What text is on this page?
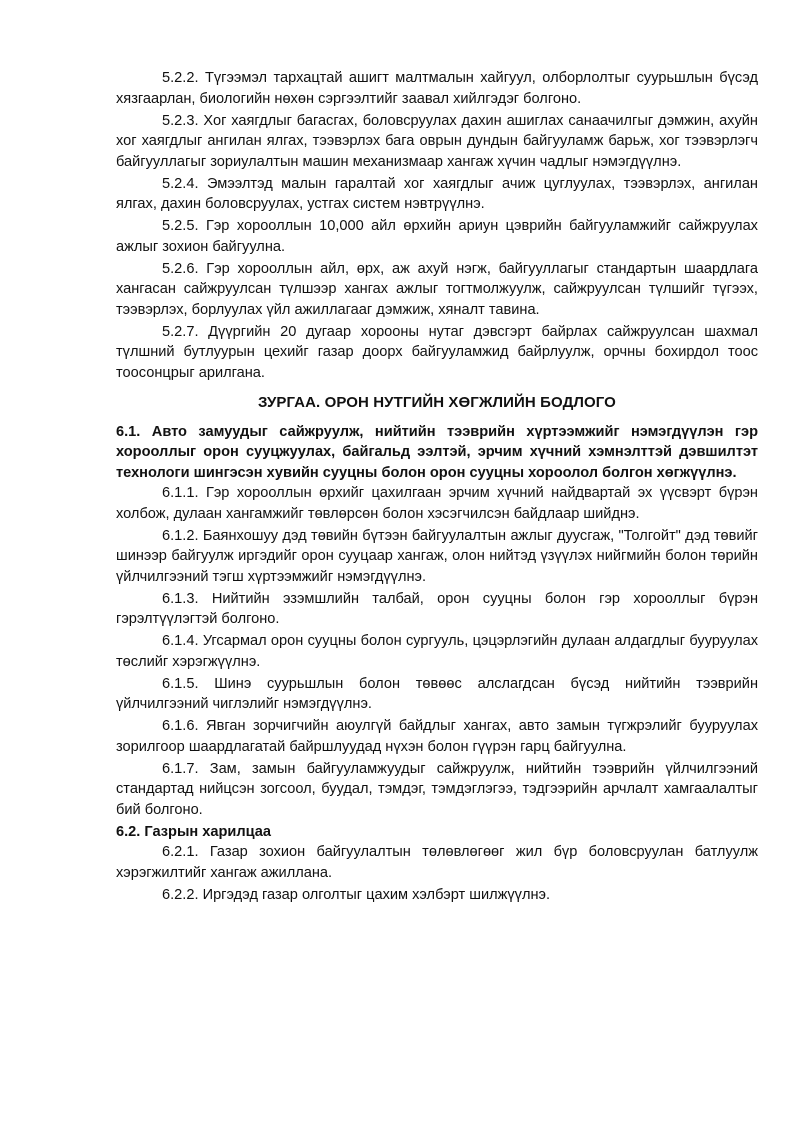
5.2.2. Түгээмэл тархацтай ашигт малтмалын хайгуул, олборлолтыг суурьшлын бүсэд хязгаарлан, биологийн нөхөн сэргээлтийг заавал хийлгэдэг болгоно.

5.2.3. Хог хаягдлыг багасгах, боловсруулах дахин ашиглах санаачилгыг дэмжин, ахуйн хог хаягдлыг ангилан ялгах, тээвэрлэх бага оврын дундын байгууламж барьж, хог тээвэрлэгч байгууллагыг зориулалтын машин механизмаар хангаж хүчин чадлыг нэмэгдүүлнэ.

5.2.4. Эмээлтэд малын гаралтай хог хаягдлыг ачиж цуглуулах, тээвэрлэх, ангилан ялгах, дахин боловсруулах, устгах систем нэвтрүүлнэ.

5.2.5. Гэр хорооллын 10,000 айл өрхийн ариун цэврийн байгууламжийг сайжруулах ажлыг зохион байгуулна.

5.2.6. Гэр хорооллын айл, өрх, аж ахуй нэгж, байгууллагыг стандартын шаардлага хангасан сайжруулсан түлшээр хангах ажлыг тогтмолжуулж, сайжруулсан түлшийг түгээх, тээвэрлэх, борлуулах үйл ажиллагааг дэмжиж, хяналт тавина.

5.2.7. Дүүргийн 20 дугаар хорооны нутаг дэвсгэрт байрлах сайжруулсан шахмал түлшний бутлуурын цехийг газар доорх байгууламжид байрлуулж, орчны бохирдол тоос тоосонцрыг арилгана.

ЗУРГАА. ОРОН НУТГИЙН ХӨГЖЛИЙН БОДЛОГО

6.1. Авто замуудыг сайжруулж, нийтийн тээврийн хүртээмжийг нэмэгдүүлэн гэр хорооллыг орон сууцжуулах, байгальд ээлтэй, эрчим хүчний хэмнэлттэй дэвшилтэт технологи шингэсэн хувийн сууцны болон орон сууцны хороолол болгон хөгжүүлнэ.

6.1.1. Гэр хорооллын өрхийг цахилгаан эрчим хүчний найдвартай эх үүсвэрт бүрэн холбож, дулаан хангамжийг төвлөрсөн болон хэсэгчилсэн байдлаар шийднэ.

6.1.2. Баянхошуу дэд төвийн бүтээн байгуулалтын ажлыг дуусгаж, "Толгойт" дэд төвийг шинээр байгуулж иргэдийг орон сууцаар хангаж, олон нийтэд үзүүлэх нийгмийн болон төрийн үйлчилгээний тэгш хүртээмжийг нэмэгдүүлнэ.

6.1.3. Нийтийн эзэмшлийн талбай, орон сууцны болон гэр хорооллыг бүрэн гэрэлтүүлэгтэй болгоно.

6.1.4. Угсармал орон сууцны болон сургууль, цэцэрлэгийн дулаан алдагдлыг бууруулах төслийг хэрэгжүүлнэ.

6.1.5. Шинэ суурьшлын болон төвөөс алслагдсан бүсэд нийтийн тээврийн үйлчилгээний чиглэлийг нэмэгдүүлнэ.

6.1.6. Явган зорчигчийн аюулгүй байдлыг хангах, авто замын түгжрэлийг бууруулах зорилгоор шаардлагатай байршлуудад нүхэн болон гүүрэн гарц байгуулна.

6.1.7. Зам, замын байгууламжуудыг сайжруулж, нийтийн тээврийн үйлчилгээний стандартад нийцсэн зогсоол, буудал, тэмдэг, тэмдэглэгээ, тэдгээрийн арчлалт хамгаалалтыг бий болгоно.

6.2. Газрын харилцаа

6.2.1. Газар зохион байгуулалтын төлөвлөгөөг жил бүр боловсруулан батлуулж хэрэгжилтийг хангаж ажиллана.

6.2.2. Иргэдэд газар олголтыг цахим хэлбэрт шилжүүлнэ.
